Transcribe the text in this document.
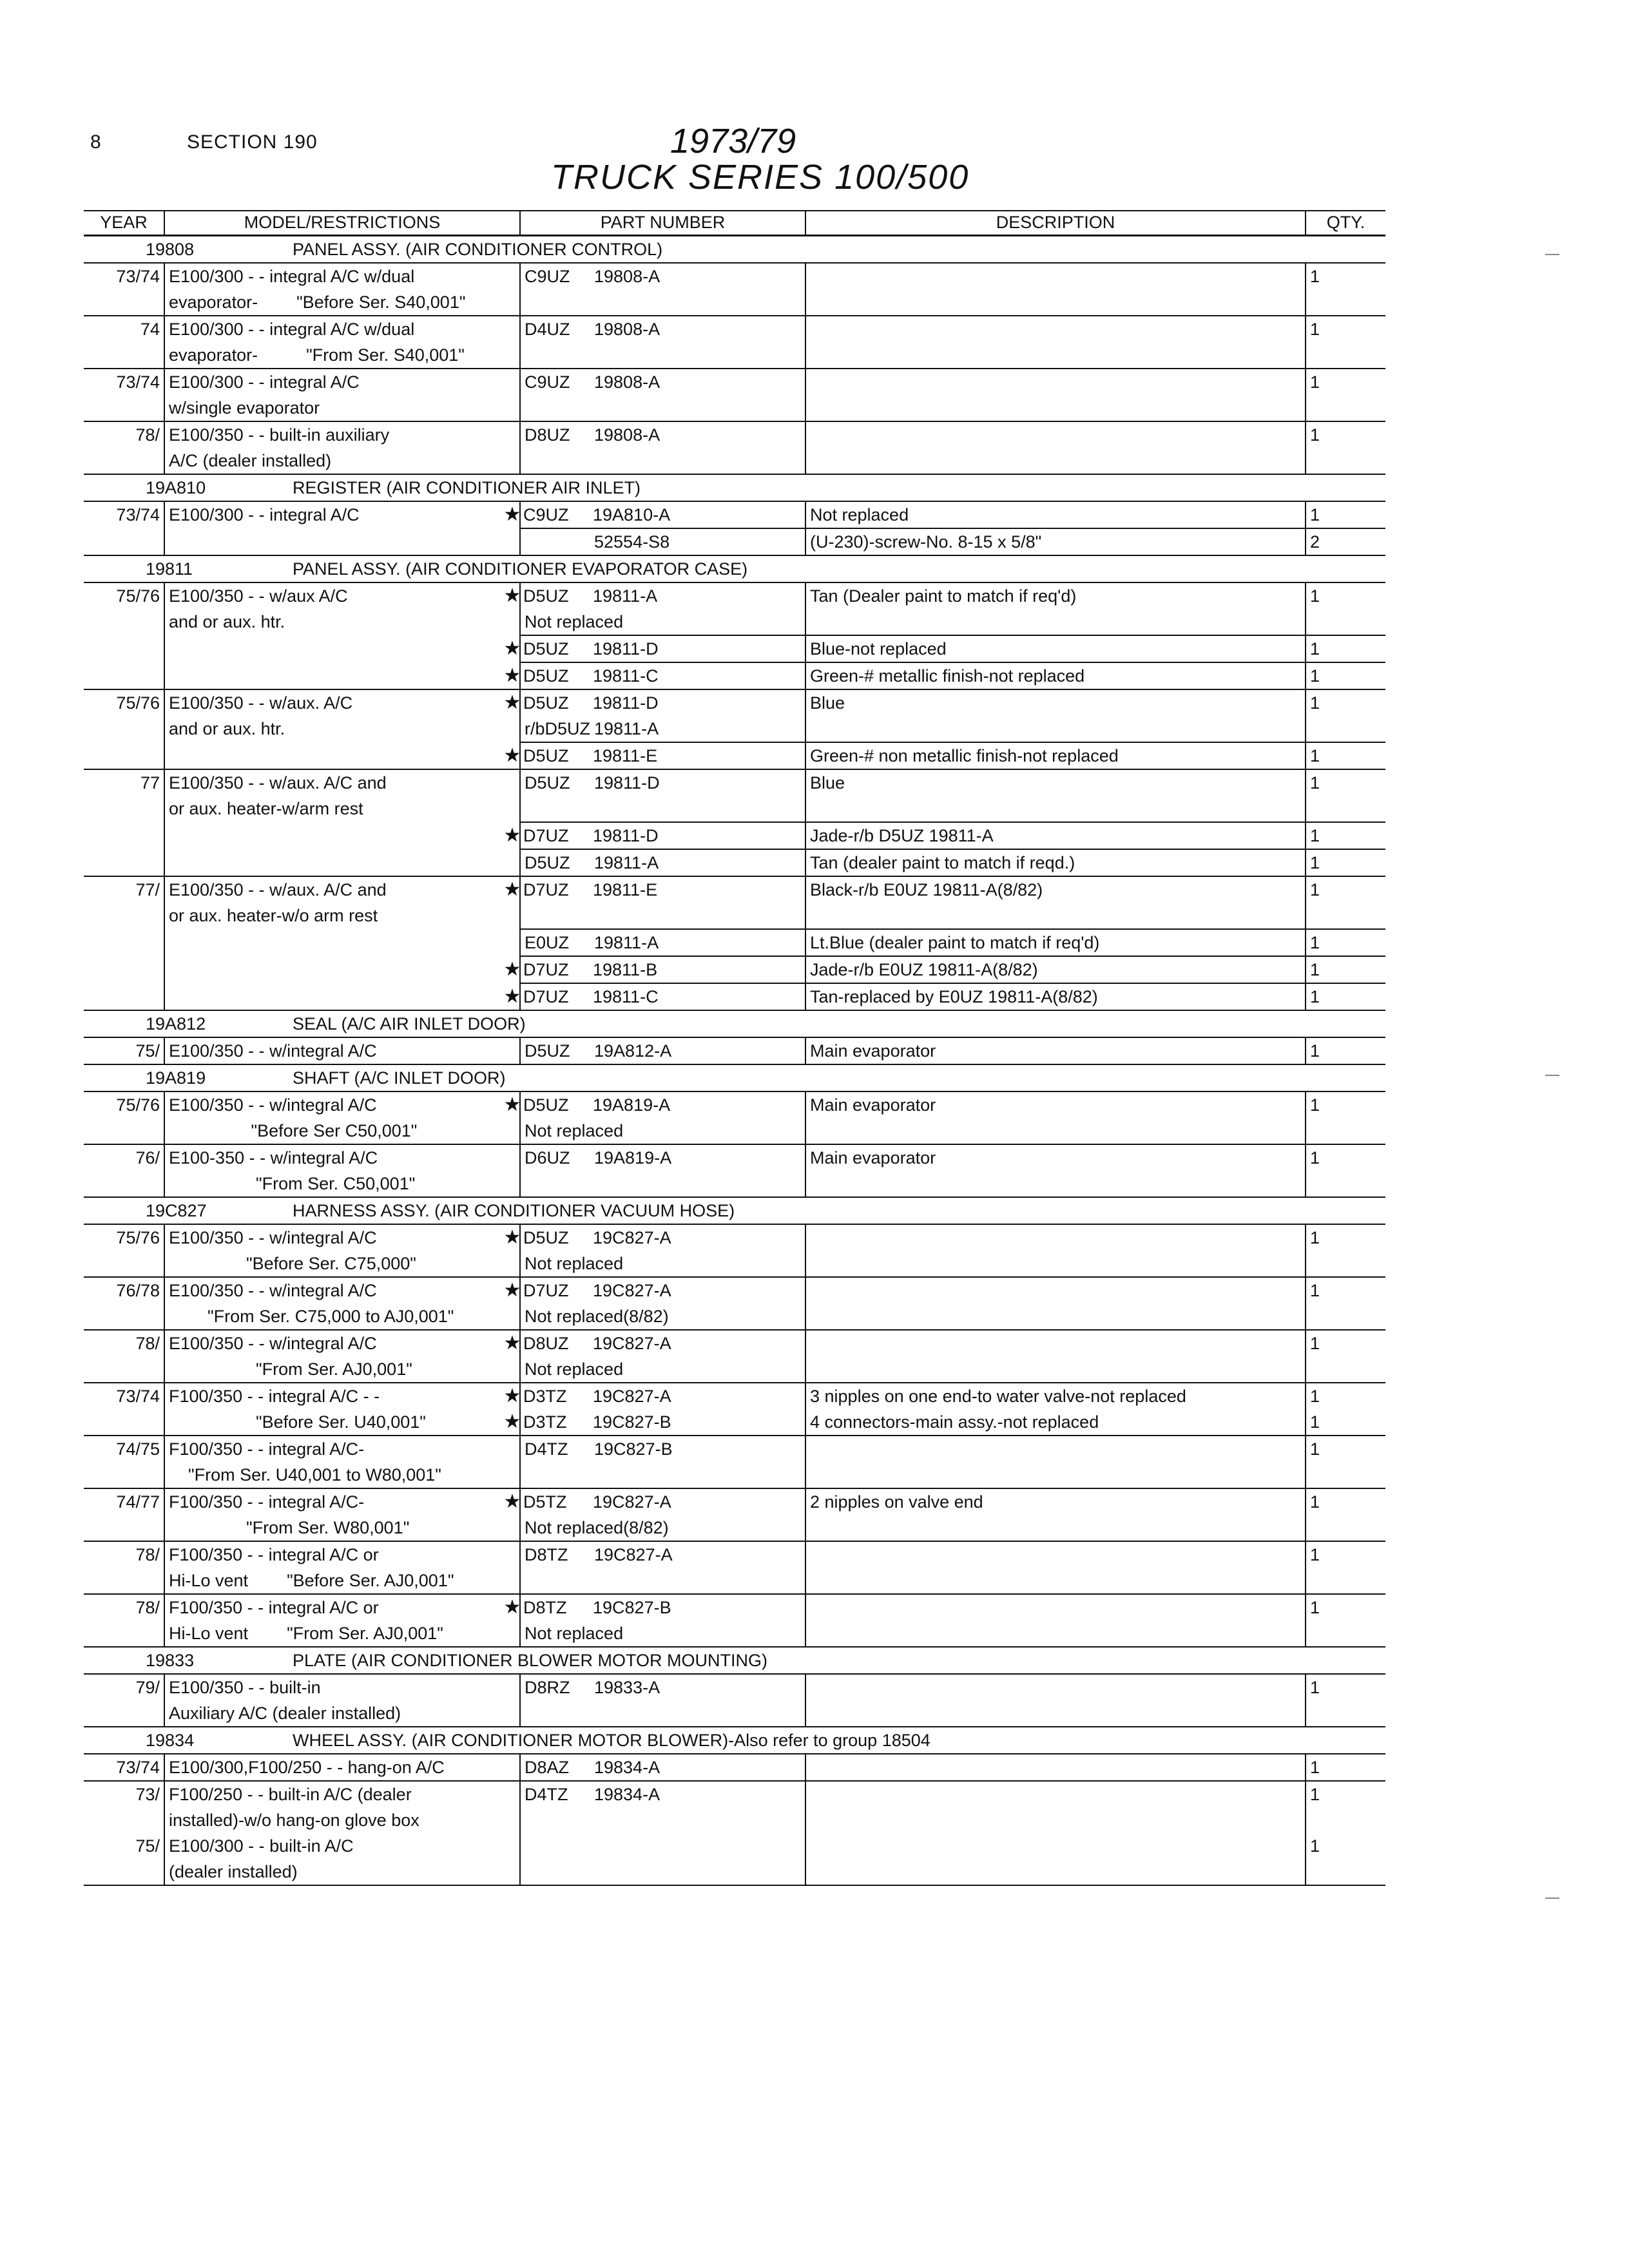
8	SECTION 190	1973/79
TRUCK SERIES 100/500
YEAR	MODEL/RESTRICTIONS	PART NUMBER	DESCRIPTION	QTY.
19808 PANEL ASSY. (AIR CONDITIONER CONTROL)				
73/74	E100/300 - - integral A/C w/dual	C9UZ 19808-A		1
	evaporator-        "Before Ser. S40,001"			
74	E100/300 - - integral A/C w/dual	D4UZ 19808-A		1
	evaporator-          "From Ser. S40,001"			
73/74	E100/300 - - integral A/C	C9UZ 19808-A		1
	w/single evaporator			
78/	E100/350 - - built-in auxiliary	D8UZ 19808-A		1
	A/C (dealer installed)			
19A810 REGISTER (AIR CONDITIONER AIR INLET)				
73/74	E100/300 - - integral A/C	★ C9UZ 19A810-A	Not replaced	1
		52554-S8	(U-230)-screw-No. 8-15 x 5/8"	2
19811 PANEL ASSY. (AIR CONDITIONER EVAPORATOR CASE)				
75/76	E100/350 - - w/aux A/C	★ D5UZ 19811-A	Tan (Dealer paint to match if req'd)	1
	and or aux. htr.	Not replaced		
		★ D5UZ 19811-D	Blue-not replaced	1
		★ D5UZ 19811-C	Green-# metallic finish-not replaced	1
75/76	E100/350 - - w/aux. A/C	★ D5UZ 19811-D	Blue	1
	and or aux. htr.	r/bD5UZ 19811-A		
		★ D5UZ 19811-E	Green-# non metallic finish-not replaced	1
77	E100/350 - - w/aux. A/C and	D5UZ 19811-D	Blue	1
	or aux. heater-w/arm rest			
		★ D7UZ 19811-D	Jade-r/b D5UZ 19811-A	1
		D5UZ 19811-A	Tan (dealer paint to match if reqd.)	1
77/	E100/350 - - w/aux. A/C and	★ D7UZ 19811-E	Black-r/b E0UZ 19811-A(8/82)	1
	or aux. heater-w/o arm rest			
		E0UZ 19811-A	Lt.Blue (dealer paint to match if req'd)	1
		★ D7UZ 19811-B	Jade-r/b E0UZ 19811-A(8/82)	1
		★ D7UZ 19811-C	Tan-replaced by E0UZ 19811-A(8/82)	1
19A812 SEAL (A/C AIR INLET DOOR)				
75/	E100/350 - - w/integral A/C	D5UZ 19A812-A	Main evaporator	1
19A819 SHAFT (A/C INLET DOOR)				
75/76	E100/350 - - w/integral A/C	★ D5UZ 19A819-A	Main evaporator	1
	"Before Ser C50,001"	Not replaced		
76/	E100-350 - - w/integral A/C	D6UZ 19A819-A	Main evaporator	1
	"From Ser. C50,001"			
19C827 HARNESS ASSY. (AIR CONDITIONER VACUUM HOSE)				
75/76	E100/350 - - w/integral A/C	★ D5UZ 19C827-A		1
	"Before Ser. C75,000"	Not replaced		
76/78	E100/350 - - w/integral A/C	★ D7UZ 19C827-A		1
	"From Ser. C75,000 to AJ0,001"	Not replaced(8/82)		
78/	E100/350 - - w/integral A/C	★ D8UZ 19C827-A		1
	"From Ser. AJ0,001"	Not replaced		
73/74	F100/350 - - integral A/C - -	★ D3TZ 19C827-A	3 nipples on one end-to water valve-not replaced	1
	"Before Ser. U40,001"	★ D3TZ 19C827-B	4 connectors-main assy.-not replaced	1
74/75	F100/350 - - integral A/C-	D4TZ 19C827-B		1
	"From Ser. U40,001 to W80,001"			
74/77	F100/350 - - integral A/C-	★ D5TZ 19C827-A	2 nipples on valve end	1
	"From Ser. W80,001"	Not replaced(8/82)		
78/	F100/350 - - integral A/C or	D8TZ 19C827-A		1
	Hi-Lo vent        "Before Ser. AJ0,001"			
78/	F100/350 - - integral A/C or	★ D8TZ 19C827-B		1
	Hi-Lo vent        "From Ser. AJ0,001"	Not replaced		
19833 PLATE (AIR CONDITIONER BLOWER MOTOR MOUNTING)				
79/	E100/350 - - built-in	D8RZ 19833-A		1
	Auxiliary A/C (dealer installed)			
19834 WHEEL ASSY. (AIR CONDITIONER MOTOR BLOWER)-Also refer to group 18504				
73/74	E100/300,F100/250 - - hang-on A/C	D8AZ 19834-A		1
73/	F100/250 - - built-in A/C (dealer	D4TZ 19834-A		1
	installed)-w/o hang-on glove box			
75/	E100/300 - - built-in A/C			1
	(dealer installed)			
